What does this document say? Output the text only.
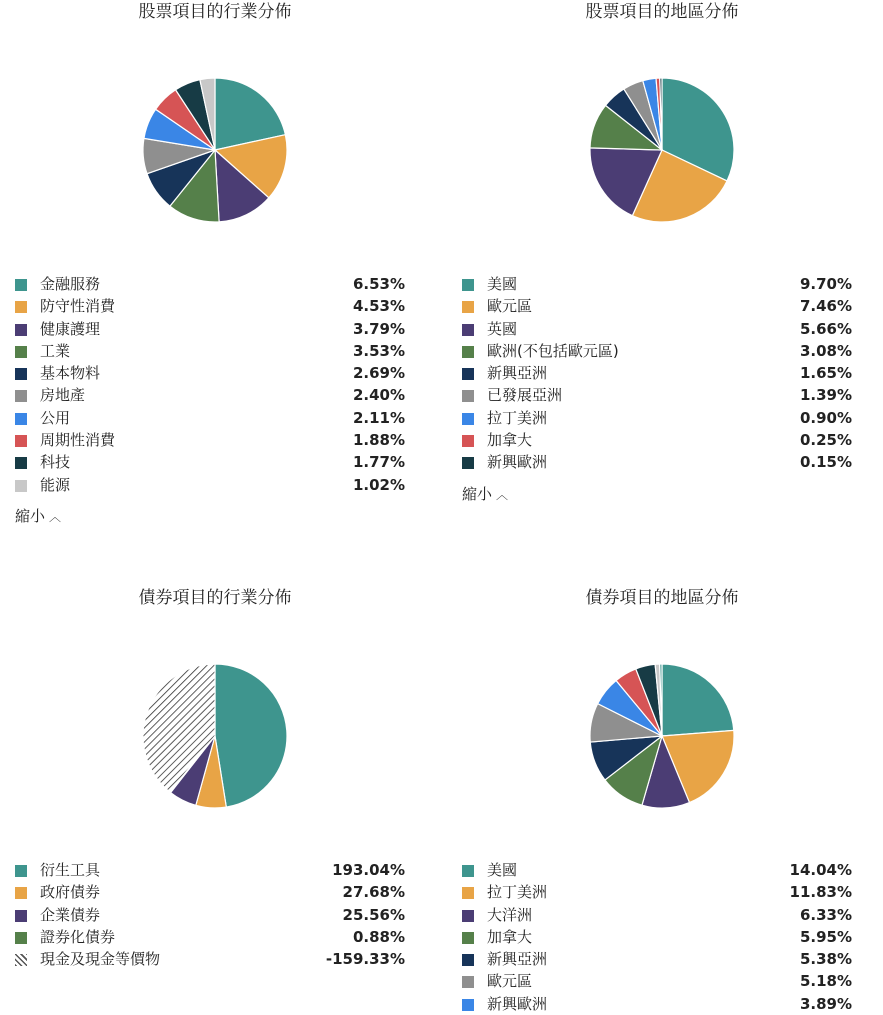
股票項目的行業分佈
金融服務	6.53%
防守性消費	4.53%
健康護理	3.79%
工業	3.53%
基本物料	2.69%
房地產	2.40%
公用	2.11%
周期性消費	1.88%
科技	1.77%
能源	1.02%
縮小 ︿
股票項目的地區分佈
美國	9.70%
歐元區	7.46%
英國	5.66%
歐洲(不包括歐元區)	3.08%
新興亞洲	1.65%
已發展亞洲	1.39%
拉丁美洲	0.90%
加拿大	0.25%
新興歐洲	0.15%
縮小 ︿
債券項目的行業分佈
衍生工具	193.04%
政府債券	27.68%
企業債券	25.56%
證券化債券	0.88%
現金及現金等價物	-159.33%
債券項目的地區分佈
美國	14.04%
拉丁美洲	11.83%
大洋洲	6.33%
加拿大	5.95%
新興亞洲	5.38%
歐元區	5.18%
新興歐洲	3.89%
